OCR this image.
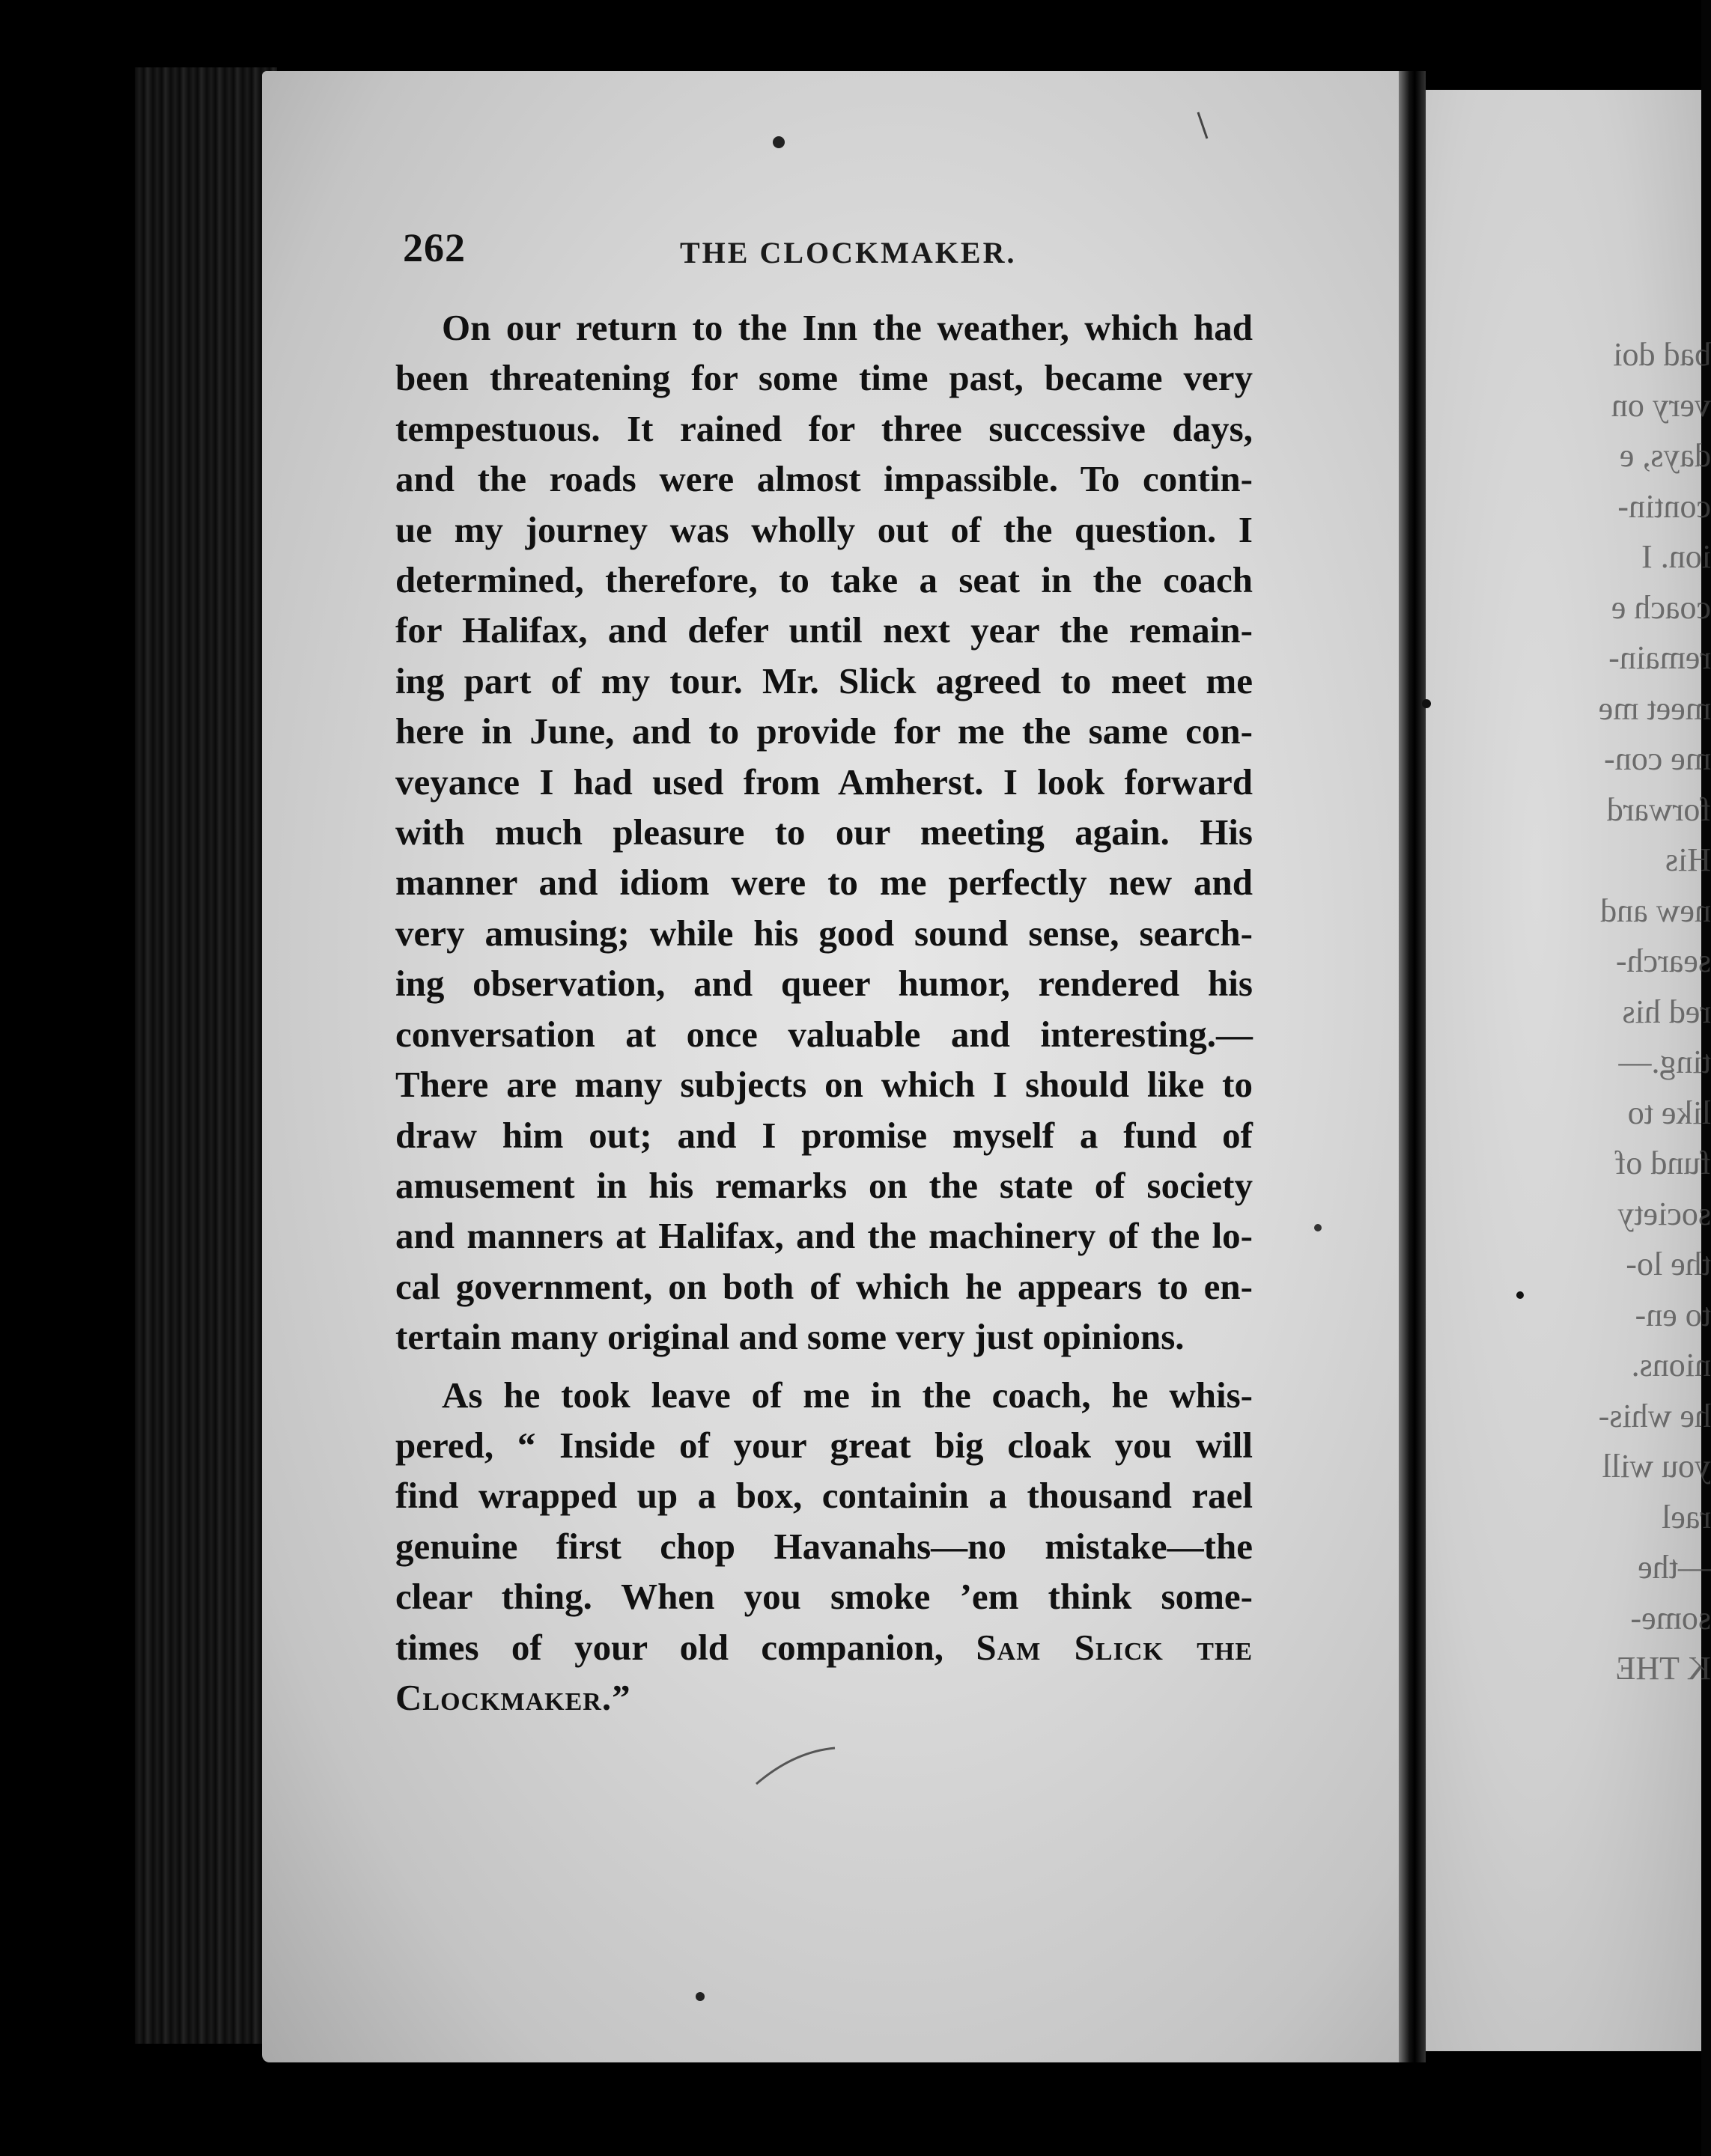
bad doi
very on
days, e
contin-
ion. I
coach e
remain-
meet me
me con-
forward
His
new and
search-
red his
ting.—
like to
fund of
society
the lo-
to en-
nions.
he whis-
you will
rael
—the
some-
K THE
262	THE CLOCKMAKER.
On our return to the Inn the weather, which had
been threatening for some time past, became very
tempestuous. It rained for three successive days,
and the roads were almost impassible. To contin-
ue my journey was wholly out of the question. I
determined, therefore, to take a seat in the coach
for Halifax, and defer until next year the remain-
ing part of my tour. Mr. Slick agreed to meet me
here in June, and to provide for me the same con-
veyance I had used from Amherst. I look forward
with much pleasure to our meeting again. His
manner and idiom were to me perfectly new and
very amusing; while his good sound sense, search-
ing observation, and queer humor, rendered his
conversation at once valuable and interesting.—
There are many subjects on which I should like to
draw him out; and I promise myself a fund of
amusement in his remarks on the state of society
and manners at Halifax, and the machinery of the lo-
cal government, on both of which he appears to en-
tertain many original and some very just opinions.
As he took leave of me in the coach, he whis-
pered, “ Inside of your great big cloak you will
find wrapped up a box, containin a thousand rael
genuine first chop Havanahs—no mistake—the
clear thing. When you smoke ’em think some-
times of your old companion, Sam Slick the
Clockmaker.”
